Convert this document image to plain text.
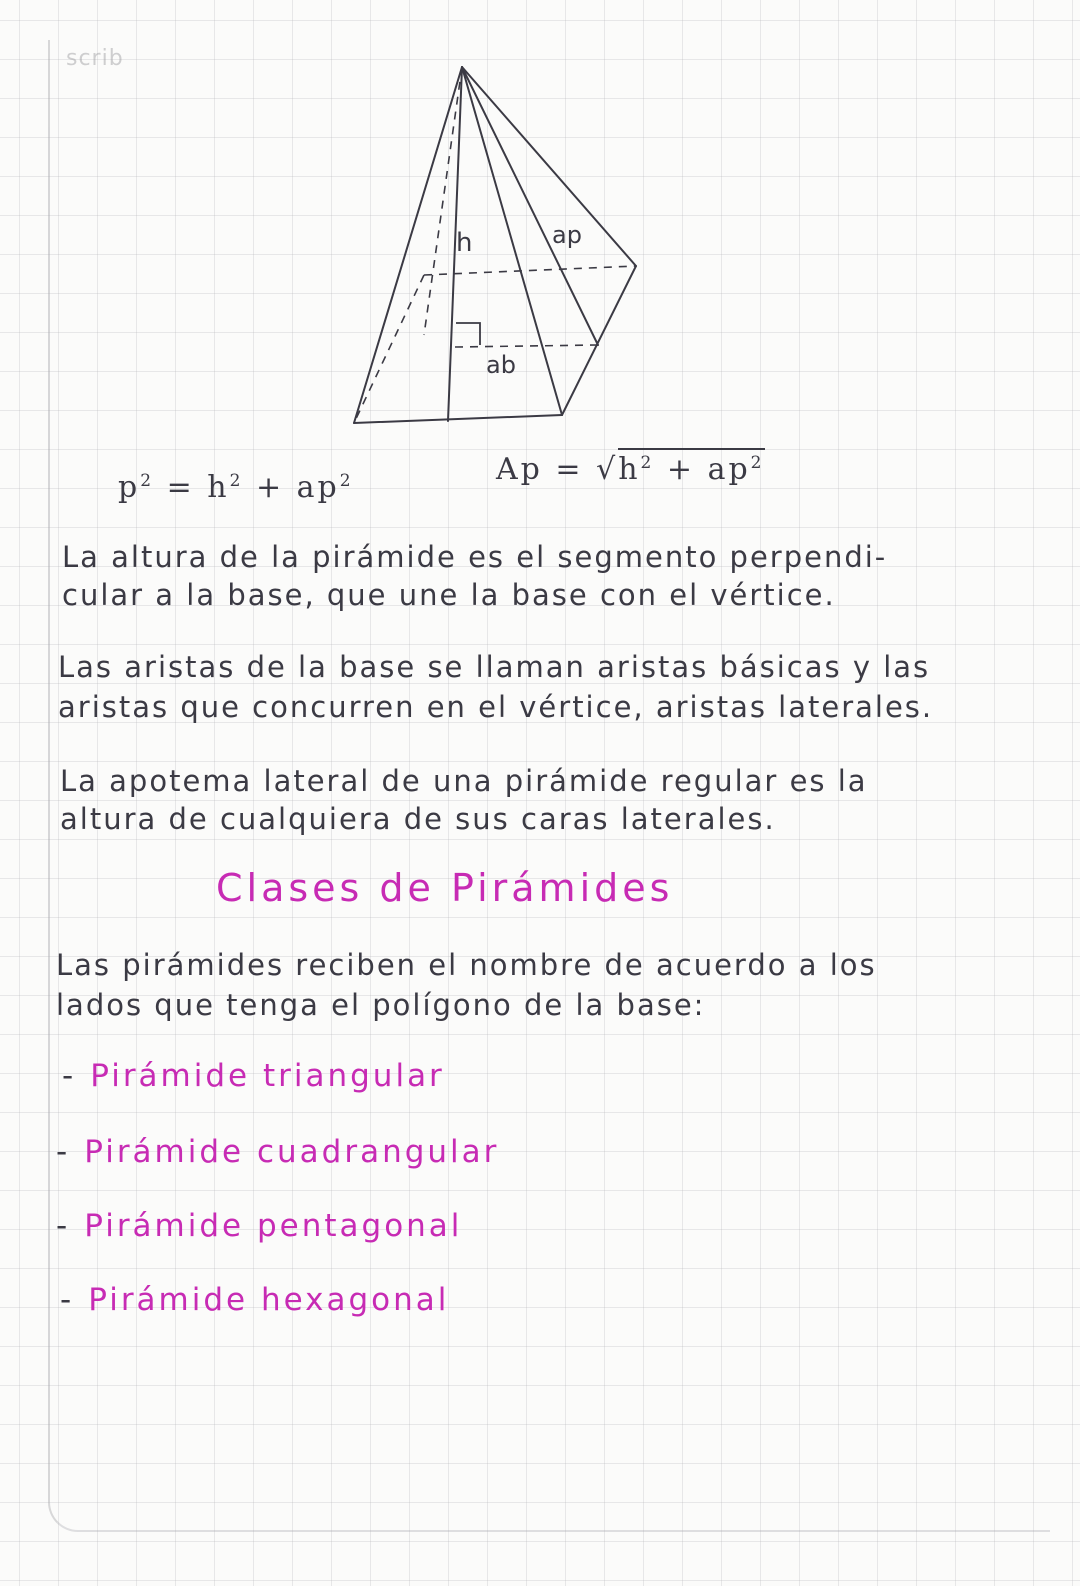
scrib
h	ap
ab
$p^2 = h^2 + ap^2$	$Ap = √h^2 + ap^2$

La altura de la pirámide es el segmento perpendi-

cular a la base, que une la base con el vértice.

Las aristas de la base se llaman aristas básicas y las

aristas que concurren en el vértice, aristas laterales.

La apotema lateral de una pirámide regular es la

altura de cualquiera de sus caras laterales.

Clases de Pirámides

Las pirámides reciben el nombre de acuerdo a los

lados que tenga el polígono de la base:

- Pirámide triangular
- Pirámide cuadrangular
- Pirámide pentagonal
- Pirámide hexagonal
